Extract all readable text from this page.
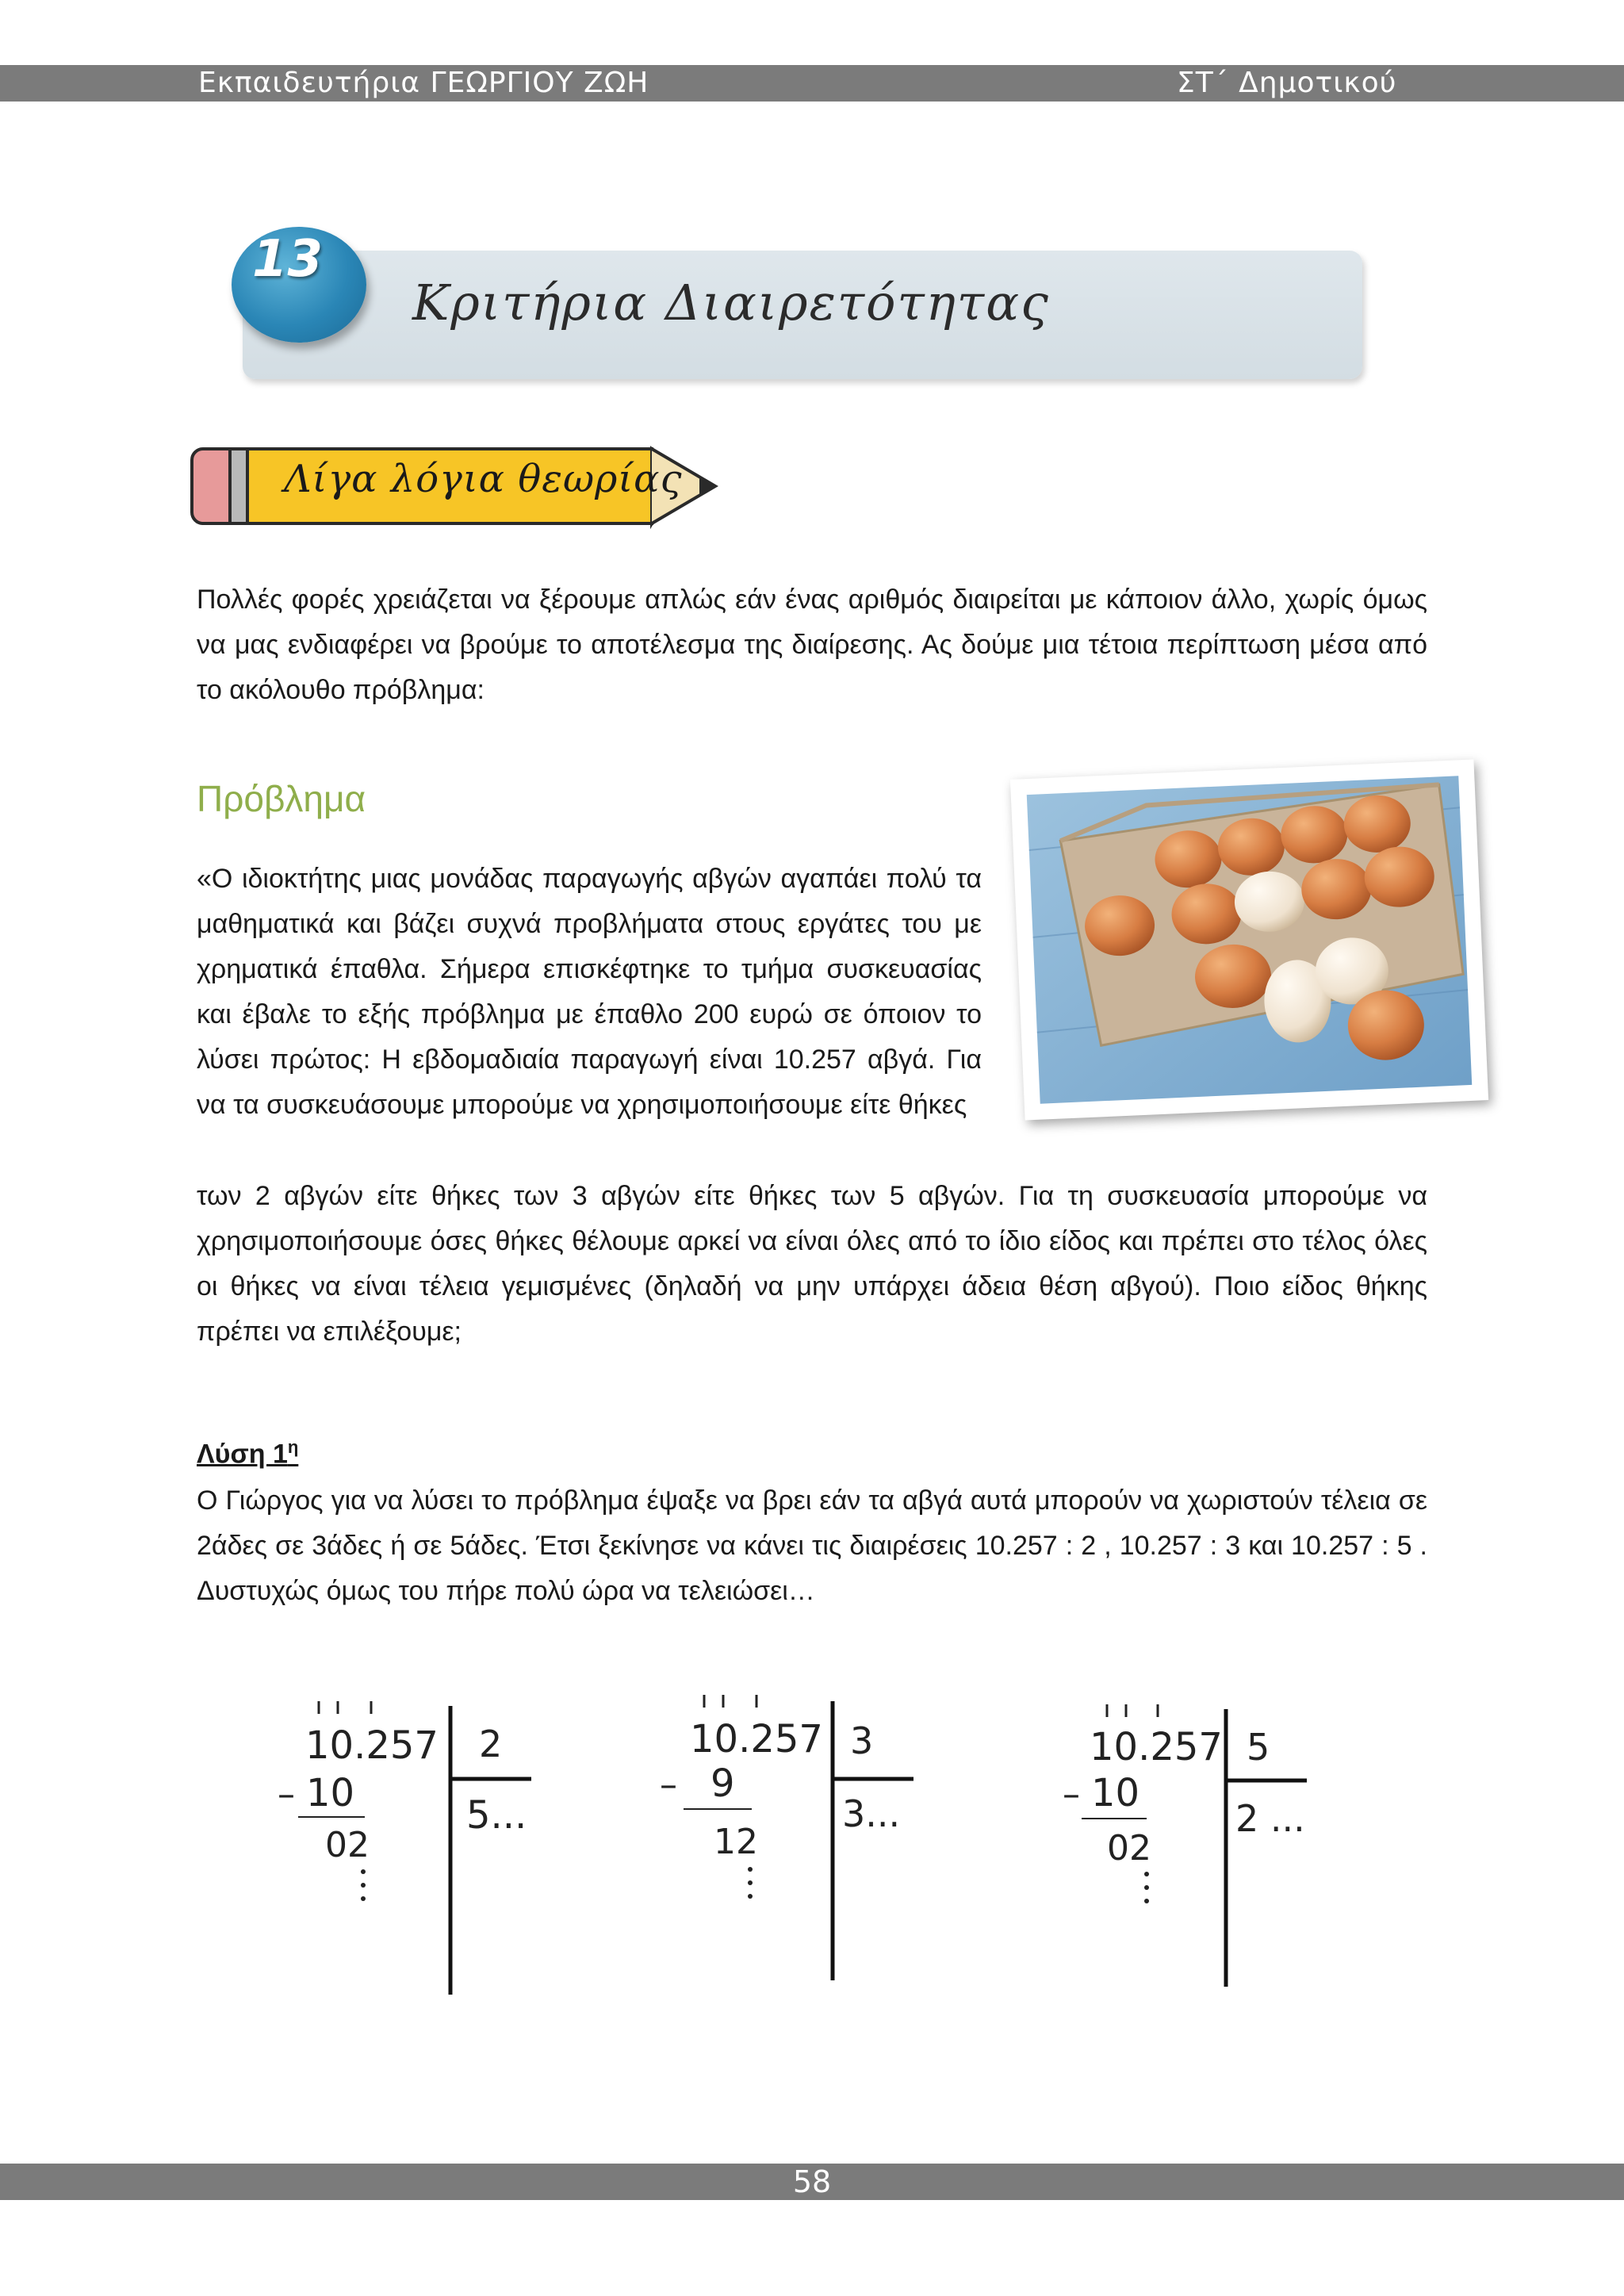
Εκπαιδευτήρια ΓΕΩΡΓΙΟΥ ΖΩΗ	ΣΤ΄ Δημοτικού
13
Κριτήρια Διαιρετότητας
Λίγα λόγια θεωρίας
Πολλές φορές χρειάζεται να ξέρουμε απλώς εάν ένας αριθμός διαιρείται με κάποιον άλλο, χωρίς όμως να μας ενδιαφέρει να βρούμε το αποτέλεσμα της διαίρεσης. Ας δούμε μια τέτοια περίπτωση μέσα από το ακόλουθο πρόβλημα:
Πρόβλημα
«Ο ιδιοκτήτης μιας μονάδας παραγωγής αβγών αγαπάει πολύ τα μαθηματικά και βάζει συχνά προβλήματα στους εργάτες του με χρηματικά έπαθλα. Σήμερα επισκέφτηκε το τμήμα συσκευασίας και έβαλε το εξής πρόβλημα με έπαθλο 200 ευρώ σε όποιον το λύσει πρώτος: Η εβδομαδιαία παραγωγή είναι 10.257 αβγά. Για να τα συσκευάσουμε μπορούμε να χρησιμοποιήσουμε είτε θήκες
των 2 αβγών είτε θήκες των 3 αβγών είτε θήκες των 5 αβγών. Για τη συσκευασία μπορούμε να χρησιμοποιήσουμε όσες θήκες θέλουμε αρκεί να είναι όλες από το ίδιο είδος και πρέπει στο τέλος όλες οι θήκες να είναι τέλεια γεμισμένες (δηλαδή να μην υπάρχει άδεια θέση αβγού). Ποιο είδος θήκης πρέπει να επιλέξουμε;
Λύση $1^\eta$
Ο Γιώργος για να λύσει το πρόβλημα έψαξε να βρει εάν τα αβγά αυτά μπορούν να χωριστούν τέλεια σε 2άδες σε 3άδες ή σε 5άδες. Έτσι ξεκίνησε να κάνει τις διαιρέσεις 10.257 : 2 , 10.257 : 3 και 10.257 : 5 . Δυστυχώς όμως του πήρε πολύ ώρα να τελειώσει…
10.257 2
– 10
02
5...
10.257 3
– 9
12
3...
10.257 5
– 10
02
2 ...
58
